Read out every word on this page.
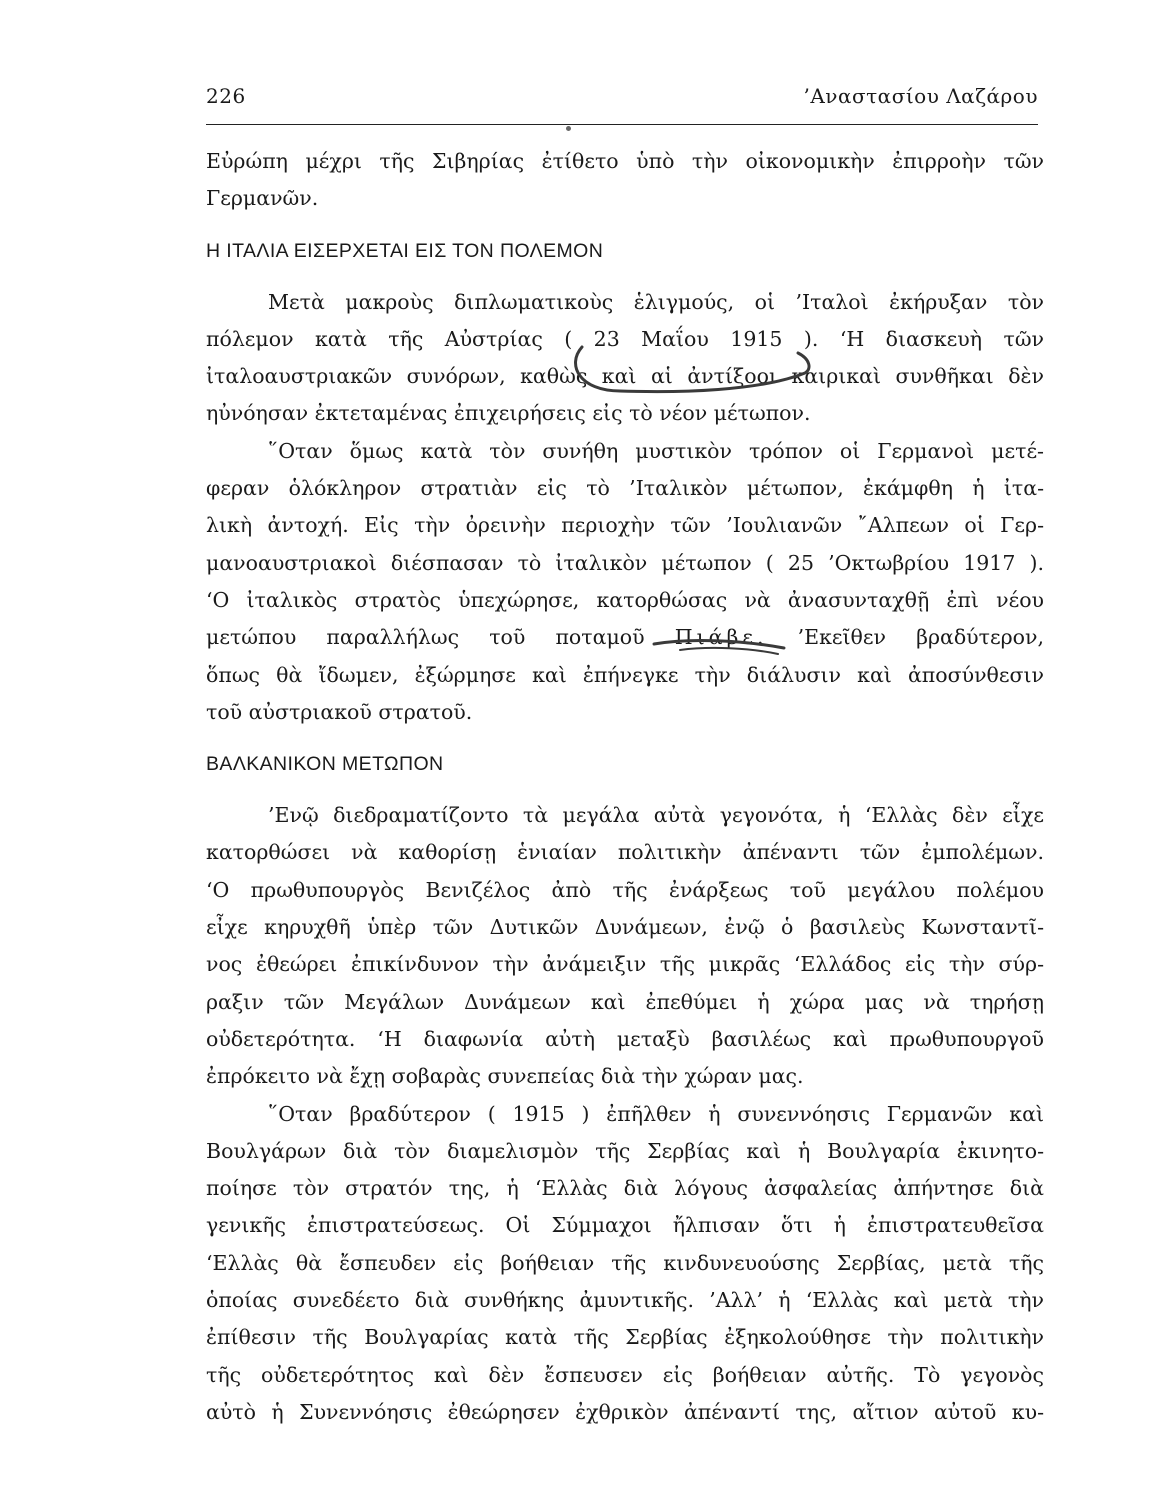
226	’Αναστασίου Λαζάρου
Εὐρώπη μέχρι τῆς Σιβηρίας ἐτίθετο ὑπὸ τὴν οἰκονομικὴν ἐπιρροὴν τῶν
Γερμανῶν.
Η ΙΤΑΛΙΑ ΕΙΣΕΡΧΕΤΑΙ ΕΙΣ ΤΟΝ ΠΟΛΕΜΟΝ
Μετὰ μακροὺς διπλωματικοὺς ἑλιγμούς, οἱ ’Ιταλοὶ ἐκήρυξαν τὸν
πόλεμον κατὰ τῆς Αὐστρίας ( 23 Μαΐου 1915 ). ‘Η διασκευὴ τῶν
ἰταλοαυστριακῶν συνόρων, καθὼς καὶ αἱ ἀντίξοοι καιρικαὶ συνθῆκαι δὲν
ηὐνόησαν ἐκτεταμένας ἐπιχειρήσεις εἰς τὸ νέον μέτωπον.
῞Οταν ὅμως κατὰ τὸν συνήθη μυστικὸν τρόπον οἱ Γερμανοὶ μετέ-
φεραν ὁλόκληρον στρατιὰν εἰς τὸ ’Ιταλικὸν μέτωπον, ἐκάμφθη ἡ ἰτα-
λικὴ ἀντοχή. Εἰς τὴν ὀρεινὴν περιοχὴν τῶν ’Ιουλιανῶν ῎Αλπεων οἱ Γερ-
μανοαυστριακοὶ διέσπασαν τὸ ἰταλικὸν μέτωπον ( 25 ’Οκτωβρίου 1917 ).
‘Ο ἰταλικὸς στρατὸς ὑπεχώρησε, κατορθώσας νὰ ἀνασυνταχθῇ ἐπὶ νέου
μετώπου παραλλήλως τοῦ ποταμοῦ Πιάβε. ’Εκεῖθεν βραδύτερον,
ὅπως θὰ ἴδωμεν, ἐξώρμησε καὶ ἐπήνεγκε τὴν διάλυσιν καὶ ἀποσύνθεσιν
τοῦ αὐστριακοῦ στρατοῦ.
ΒΑΛΚΑΝΙΚΟΝ ΜΕΤΩΠΟΝ
’Ενῷ διεδραματίζοντο τὰ μεγάλα αὐτὰ γεγονότα, ἡ ‘Ελλὰς δὲν εἶχε
κατορθώσει νὰ καθορίσῃ ἑνιαίαν πολιτικὴν ἀπέναντι τῶν ἐμπολέμων.
‘Ο πρωθυπουργὸς Βενιζέλος ἀπὸ τῆς ἐνάρξεως τοῦ μεγάλου πολέμου
εἶχε κηρυχθῆ ὑπὲρ τῶν Δυτικῶν Δυνάμεων, ἐνῷ ὁ βασιλεὺς Κωνσταντῖ-
νος ἐθεώρει ἐπικίνδυνον τὴν ἀνάμειξιν τῆς μικρᾶς ‘Ελλάδος εἰς τὴν σύρ-
ραξιν τῶν Μεγάλων Δυνάμεων καὶ ἐπεθύμει ἡ χώρα μας νὰ τηρήσῃ
οὐδετερότητα. ‘Η διαφωνία αὐτὴ μεταξὺ βασιλέως καὶ πρωθυπουργοῦ
ἐπρόκειτο νὰ ἔχῃ σοβαρὰς συνεπείας διὰ τὴν χώραν μας.
῞Οταν βραδύτερον ( 1915 ) ἐπῆλθεν ἡ συνεννόησις Γερμανῶν καὶ
Βουλγάρων διὰ τὸν διαμελισμὸν τῆς Σερβίας καὶ ἡ Βουλγαρία ἐκινητο-
ποίησε τὸν στρατόν της, ἡ ‘Ελλὰς διὰ λόγους ἀσφαλείας ἀπήντησε διὰ
γενικῆς ἐπιστρατεύσεως. Οἱ Σύμμαχοι ἤλπισαν ὅτι ἡ ἐπιστρατευθεῖσα
‘Ελλὰς θὰ ἔσπευδεν εἰς βοήθειαν τῆς κινδυνευούσης Σερβίας, μετὰ τῆς
ὁποίας συνεδέετο διὰ συνθήκης ἀμυντικῆς. ’Αλλ’ ἡ ‘Ελλὰς καὶ μετὰ τὴν
ἐπίθεσιν τῆς Βουλγαρίας κατὰ τῆς Σερβίας ἐξηκολούθησε τὴν πολιτικὴν
τῆς οὐδετερότητος καὶ δὲν ἔσπευσεν εἰς βοήθειαν αὐτῆς. Τὸ γεγονὸς
αὐτὸ ἡ Συνεννόησις ἐθεώρησεν ἐχθρικὸν ἀπέναντί της, αἴτιον αὐτοῦ κυ-
